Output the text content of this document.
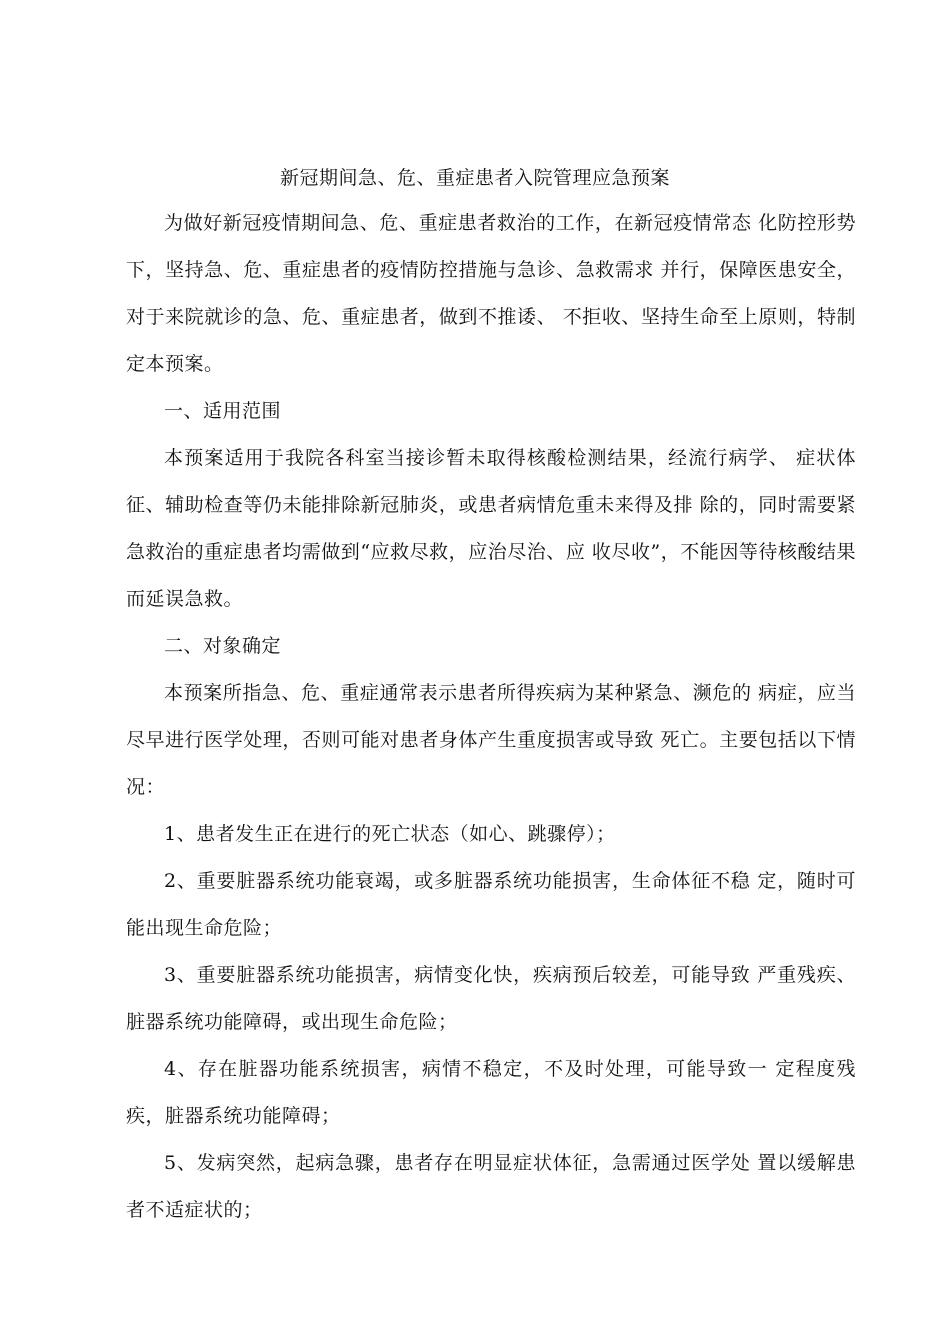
新冠期间急、危、重症患者入院管理应急预案

为做好新冠疫情期间急、危、重症患者救治的工作，在新冠疫情常态 化防控形势下，坚持急、危、重症患者的疫情防控措施与急诊、急救需求 并行，保障医患安全，对于来院就诊的急、危、重症患者，做到不推诿、 不拒收、坚持生命至上原则，特制定本预案。

一、适用范围

本预案适用于我院各科室当接诊暂未取得核酸检测结果，经流行病学、 症状体征、辅助检查等仍未能排除新冠肺炎，或患者病情危重未来得及排 除的，同时需要紧急救治的重症患者均需做到“应救尽救，应治尽治、应 收尽收”，不能因等待核酸结果而延误急救。

二、对象确定

本预案所指急、危、重症通常表示患者所得疾病为某种紧急、濒危的 病症，应当尽早进行医学处理，否则可能对患者身体产生重度损害或导致 死亡。主要包括以下情况：

1、患者发生正在进行的死亡状态（如心、跳骤停）；

2、重要脏器系统功能衰竭，或多脏器系统功能损害，生命体征不稳 定，随时可能出现生命危险；

3、重要脏器系统功能损害，病情变化快，疾病预后较差，可能导致 严重残疾、脏器系统功能障碍，或出现生命危险；

4、存在脏器功能系统损害，病情不稳定，不及时处理，可能导致一 定程度残疾，脏器系统功能障碍；

5、发病突然，起病急骤，患者存在明显症状体征，急需通过医学处 置以缓解患者不适症状的；
